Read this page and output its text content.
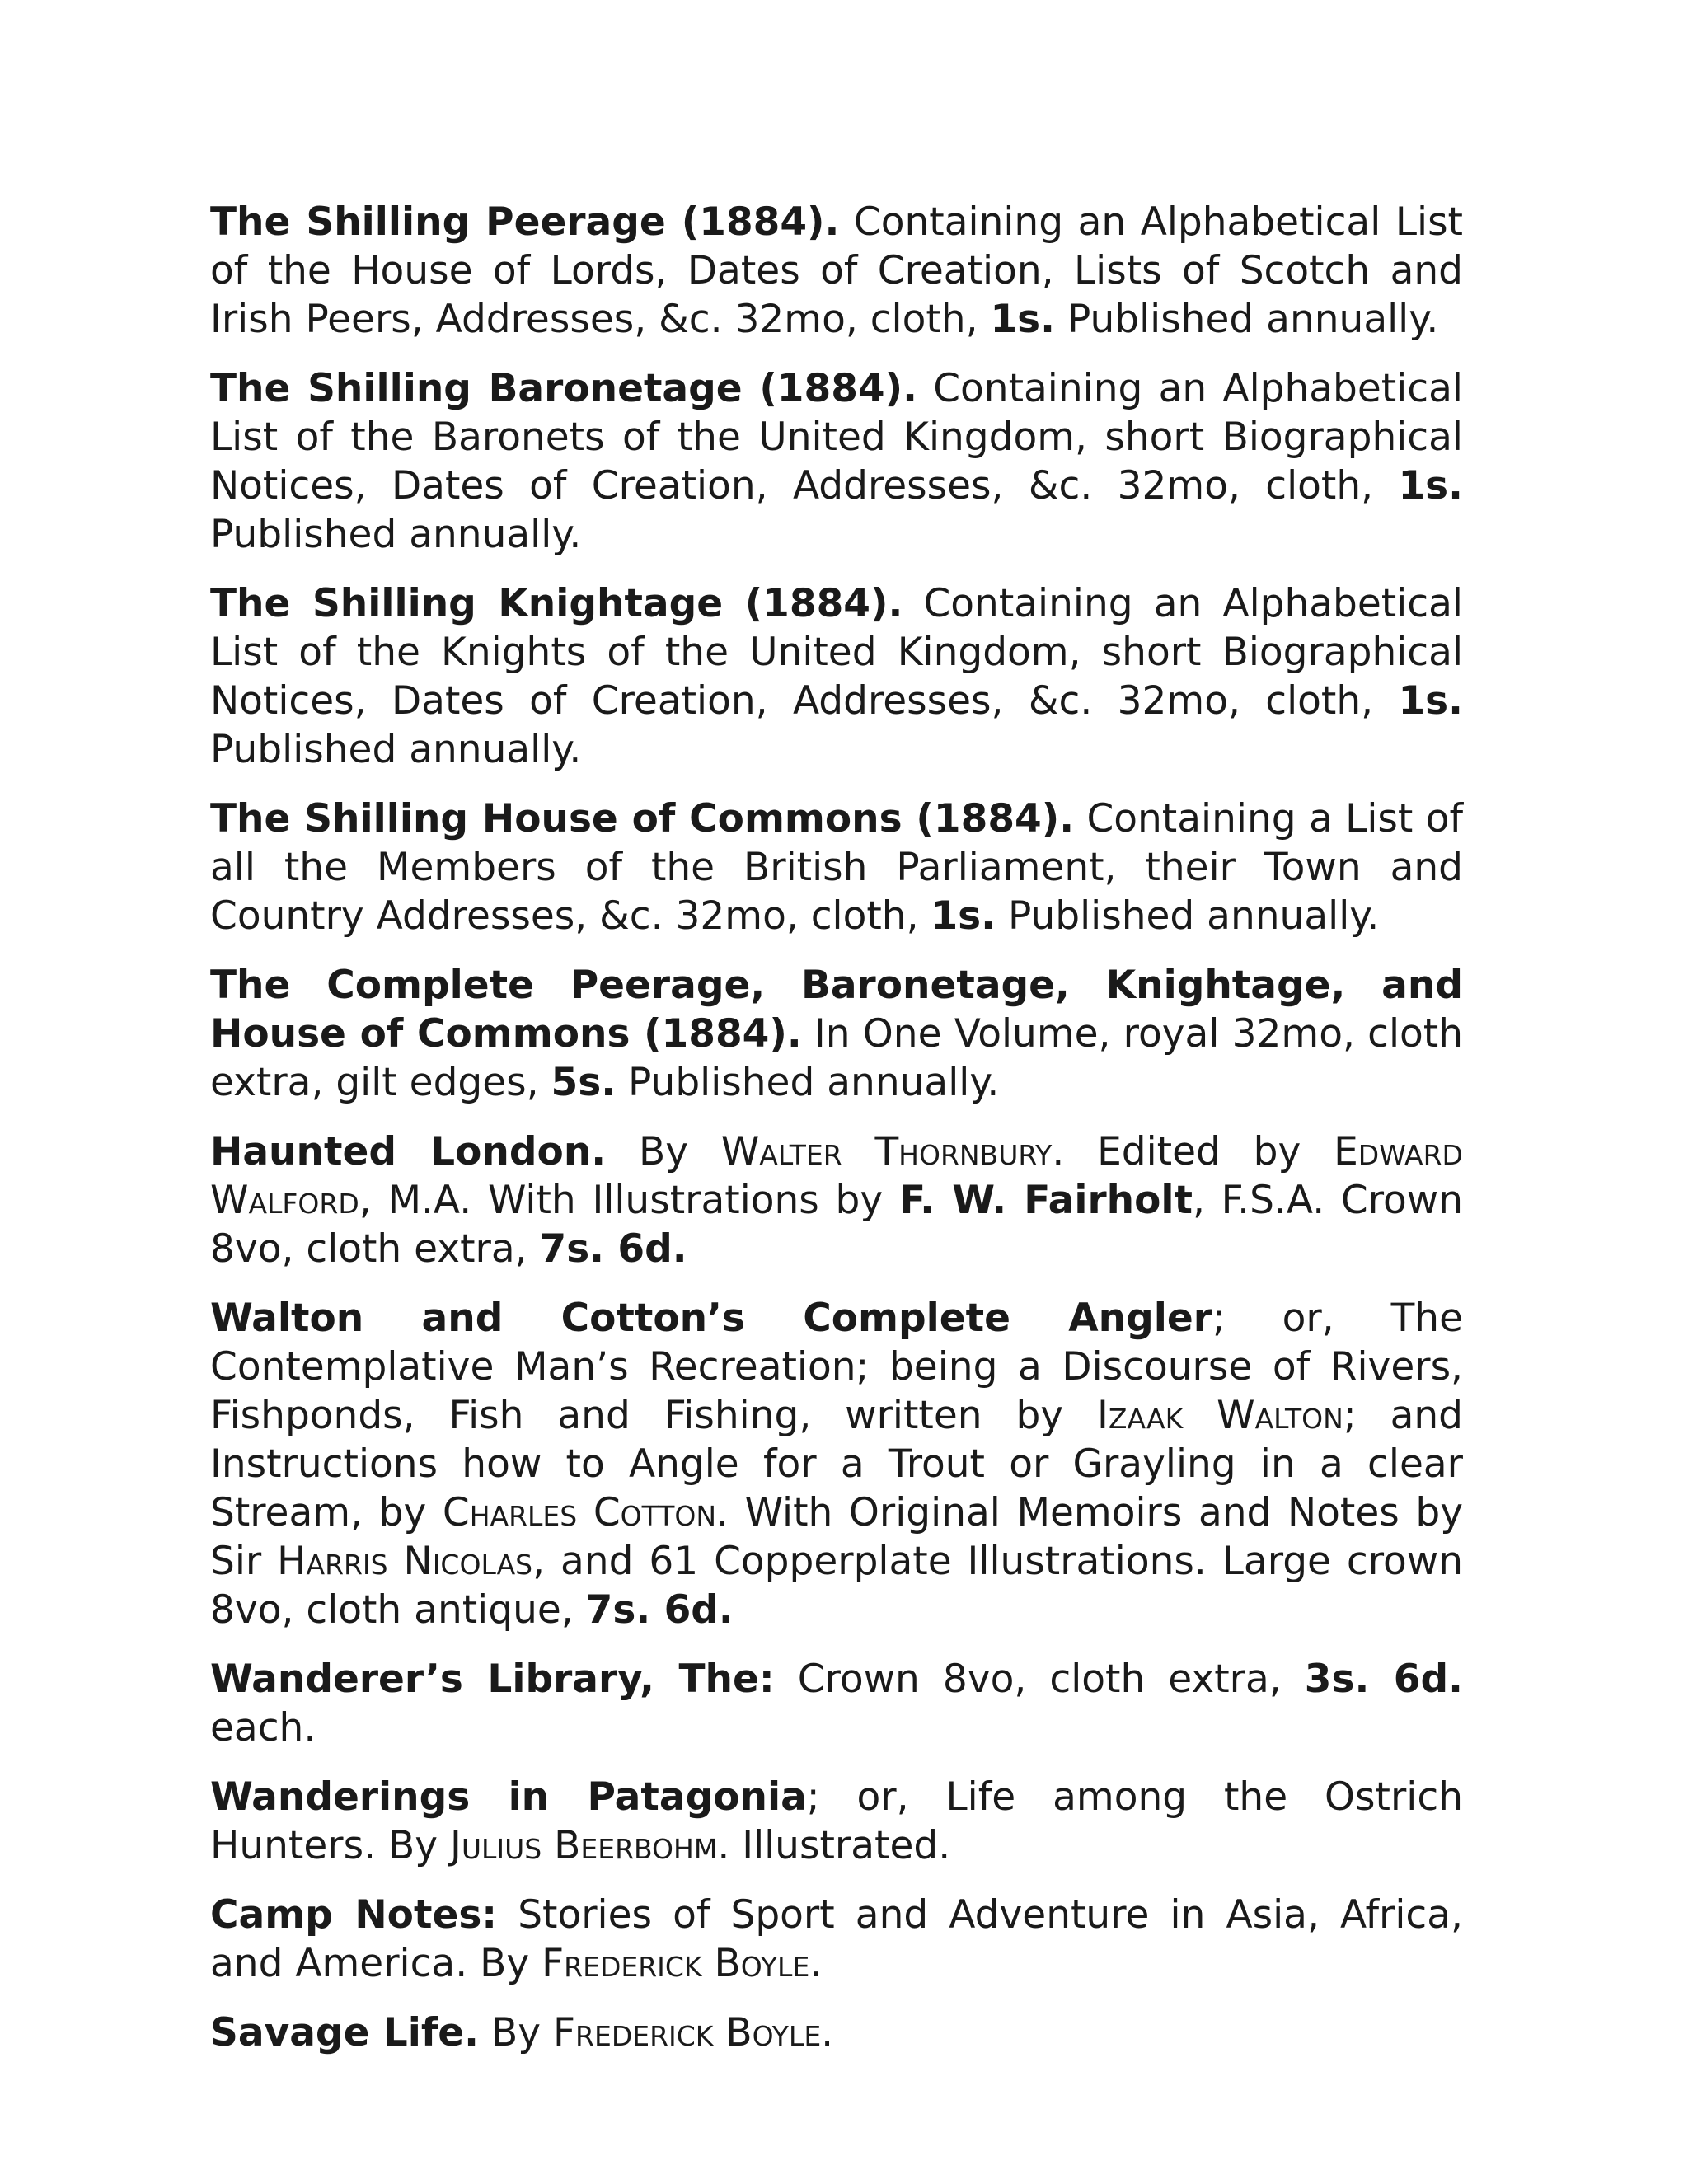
The Shilling Peerage (1884). Containing an Alphabetical List of the House of Lords, Dates of Creation, Lists of Scotch and Irish Peers, Addresses, &c. 32mo, cloth, 1s. Published annually.

The Shilling Baronetage (1884). Containing an Alphabetical List of the Baronets of the United Kingdom, short Biographical Notices, Dates of Creation, Addresses, &c. 32mo, cloth, 1s. Published annually.

The Shilling Knightage (1884). Containing an Alphabetical List of the Knights of the United Kingdom, short Biographical Notices, Dates of Creation, Addresses, &c. 32mo, cloth, 1s. Published annually.

The Shilling House of Commons (1884). Containing a List of all the Members of the British Parliament, their Town and Country Addresses, &c. 32mo, cloth, 1s. Published annually.

The Complete Peerage, Baronetage, Knightage, and House of Commons (1884). In One Volume, royal 32mo, cloth extra, gilt edges, 5s. Published annually.

Haunted London. By Walter Thornbury. Edited by Edward Walford, M.A. With Illustrations by F. W. Fairholt, F.S.A. Crown 8vo, cloth extra, 7s. 6d.

Walton and Cotton’s Complete Angler; or, The Contemplative Man’s Recreation; being a Discourse of Rivers, Fishponds, Fish and Fishing, written by Izaak Walton; and Instructions how to Angle for a Trout or Grayling in a clear Stream, by Charles Cotton. With Original Memoirs and Notes by Sir Harris Nicolas, and 61 Copperplate Illustrations. Large crown 8vo, cloth antique, 7s. 6d.

Wanderer’s Library, The: Crown 8vo, cloth extra, 3s. 6d. each.

Wanderings in Patagonia; or, Life among the Ostrich Hunters. By Julius Beerbohm. Illustrated.

Camp Notes: Stories of Sport and Adventure in Asia, Africa, and America. By Frederick Boyle.

Savage Life. By Frederick Boyle.
